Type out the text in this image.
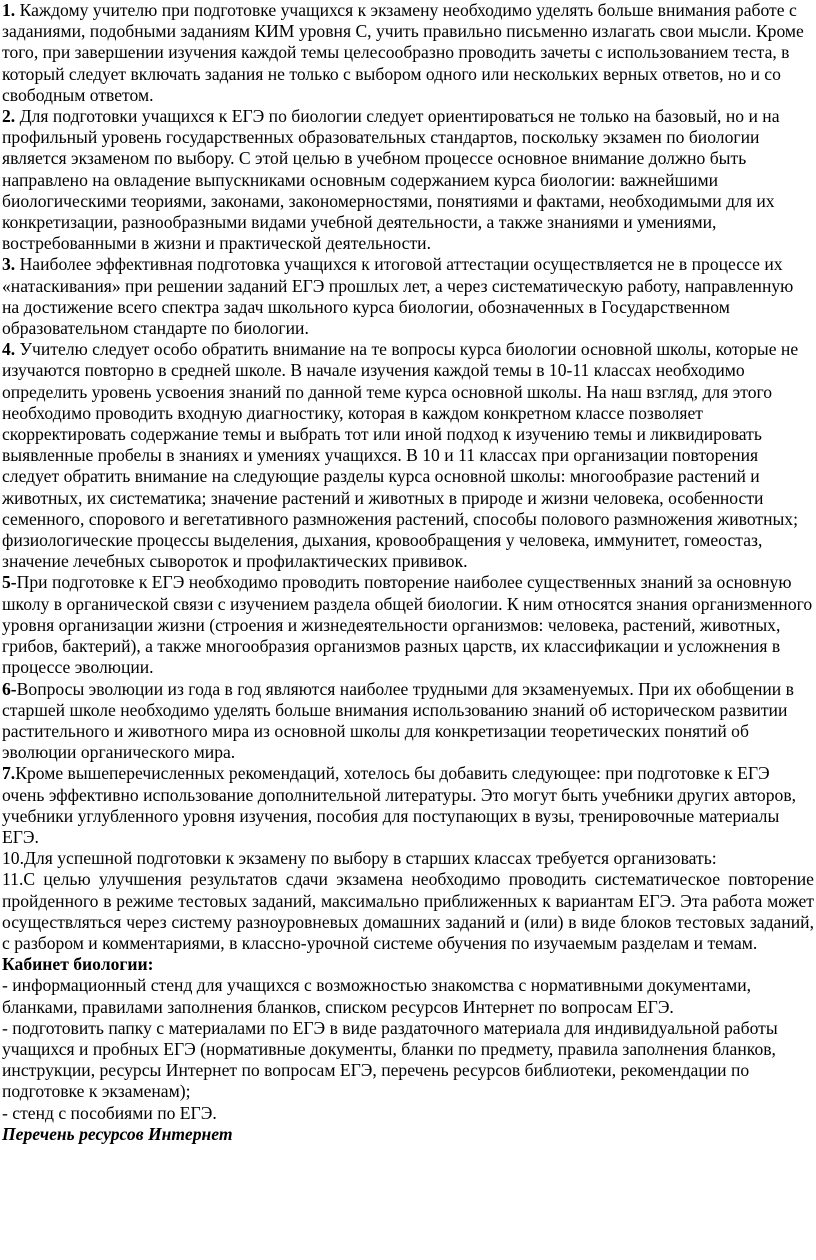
1. Каждому учителю при подготовке учащихся к экзамену необходимо уделять больше внимания работе с заданиями, подобными заданиям КИМ уровня С, учить правильно письменно излагать свои мысли. Кроме того, при завершении изучения каждой темы целесообразно проводить зачеты с использованием теста, в который следует включать задания не только с выбором одного или нескольких верных ответов, но и со свободным ответом.

2. Для подготовки учащихся к ЕГЭ по биологии следует ориентироваться не только на базовый, но и на профильный уровень государственных образовательных стандартов, поскольку экзамен по биологии является экзаменом по выбору. С этой целью в учебном процессе основное внимание должно быть направлено на овладение выпускниками основным содержанием курса биологии: важнейшими биологическими теориями, законами, закономерностями, понятиями и фактами, необходимыми для их конкретизации, разнообразными видами учебной деятельности, а также знаниями и умениями, востребованными в жизни и практической деятельности.

3. Наиболее эффективная подготовка учащихся к итоговой аттестации осуществляется не в процессе их «натаскивания» при решении заданий ЕГЭ прошлых лет, а через систематическую работу, направленную на достижение всего спектра задач школьного курса биологии, обозначенных в Государственном образовательном стандарте по биологии.

4. Учителю следует особо обратить внимание на те вопросы курса биологии основной школы, которые не изучаются повторно в средней школе. В начале изучения каждой темы в 10-11 классах необходимо определить уровень усвоения знаний по данной теме курса основной школы. На наш взгляд, для этого необходимо проводить входную диагностику, которая в каждом конкретном классе позволяет скорректировать содержание темы и выбрать тот или иной подход к изучению темы и ликвидировать выявленные пробелы в знаниях и умениях учащихся. В 10 и 11 классах при организации повторения следует обратить внимание на следующие разделы курса основной школы: многообразие растений и животных, их систематика; значение растений и животных в природе и жизни человека, особенности семенного, спорового и вегетативного размножения растений, способы полового размножения животных; физиологические процессы выделения, дыхания, кровообращения у человека, иммунитет, гомеостаз, значение лечебных сывороток и профилактических прививок.

5-При подготовке к ЕГЭ необходимо проводить повторение наиболее существенных знаний за основную школу в органической связи с изучением раздела общей биологии. К ним относятся знания организменного уровня организации жизни (строения и жизнедеятельности организмов: человека, растений, животных, грибов, бактерий), а также многообразия организмов разных царств, их классификации и усложнения в процессе эволюции.

6-Вопросы эволюции из года в год являются наиболее трудными для экзаменуемых. При их обобщении в старшей школе необходимо уделять больше внимания использованию знаний об историческом развитии растительного и животного мира из основной школы для конкретизации теоретических понятий об эволюции органического мира.

7.Кроме вышеперечисленных рекомендаций, хотелось бы добавить следующее: при подготовке к ЕГЭ очень эффективно использование дополнительной литературы. Это могут быть учебники других авторов, учебники углубленного уровня изучения, пособия для поступающих в вузы, тренировочные материалы ЕГЭ.

10.Для успешной подготовки к экзамену по выбору в старших классах требуется организовать:

11.С целью улучшения результатов сдачи экзамена необходимо проводить систематическое повторение пройденного в режиме тестовых заданий, максимально приближенных к вариантам ЕГЭ. Эта работа может осуществляться через систему разноуровневых домашних заданий и (или) в виде блоков тестовых заданий, с разбором и комментариями, в классно-урочной системе обучения по изучаемым разделам и темам.

Кабинет биологии:

- информационный стенд для учащихся с возможностью знакомства с нормативными документами, бланками, правилами заполнения бланков, списком ресурсов Интернет по вопросам ЕГЭ.

- подготовить папку с материалами по ЕГЭ в виде раздаточного материала для индивидуальной работы учащихся и пробных ЕГЭ (нормативные документы, бланки по предмету, правила заполнения бланков, инструкции, ресурсы Интернет по вопросам ЕГЭ, перечень ресурсов библиотеки, рекомендации по подготовке к экзаменам);

- стенд с пособиями по ЕГЭ.

Перечень ресурсов Интернет
